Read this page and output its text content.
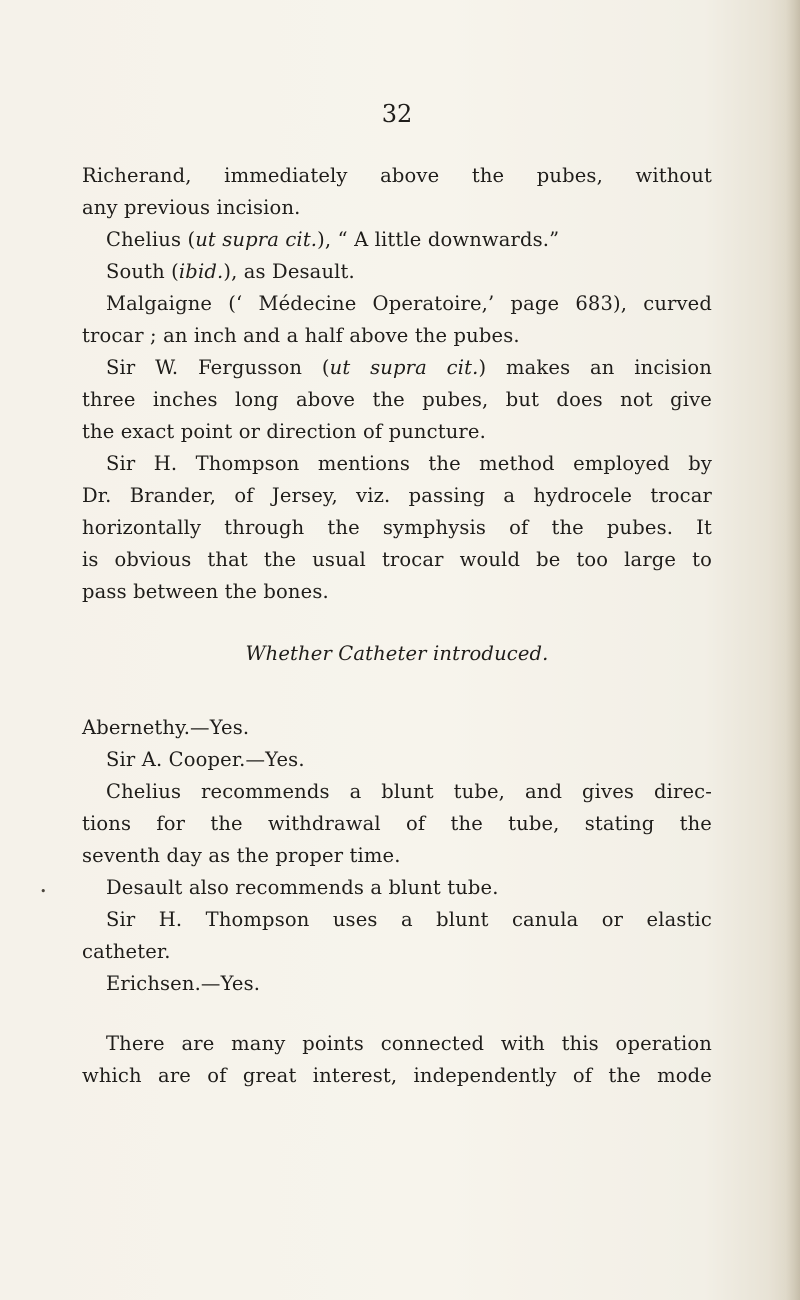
32
•
Richerand, immediately above the pubes, without
any previous incision.
Chelius (ut supra cit.), “ A little downwards.”
South (ibid.), as Desault.
Malgaigne (‘ Médecine Operatoire,’ page 683), curved
trocar ; an inch and a half above the pubes.
Sir W. Fergusson (ut supra cit.) makes an incision
three inches long above the pubes, but does not give
the exact point or direction of puncture.
Sir H. Thompson mentions the method employed by
Dr. Brander, of Jersey, viz. passing a hydrocele trocar
horizontally through the symphysis of the pubes. It
is obvious that the usual trocar would be too large to
pass between the bones.
Whether Catheter introduced.
Abernethy.—Yes.
Sir A. Cooper.—Yes.
Chelius recommends a blunt tube, and gives direc-
tions for the withdrawal of the tube, stating the
seventh day as the proper time.
Desault also recommends a blunt tube.
Sir H. Thompson uses a blunt canula or elastic
catheter.
Erichsen.—Yes.
There are many points connected with this operation
which are of great interest, independently of the mode
